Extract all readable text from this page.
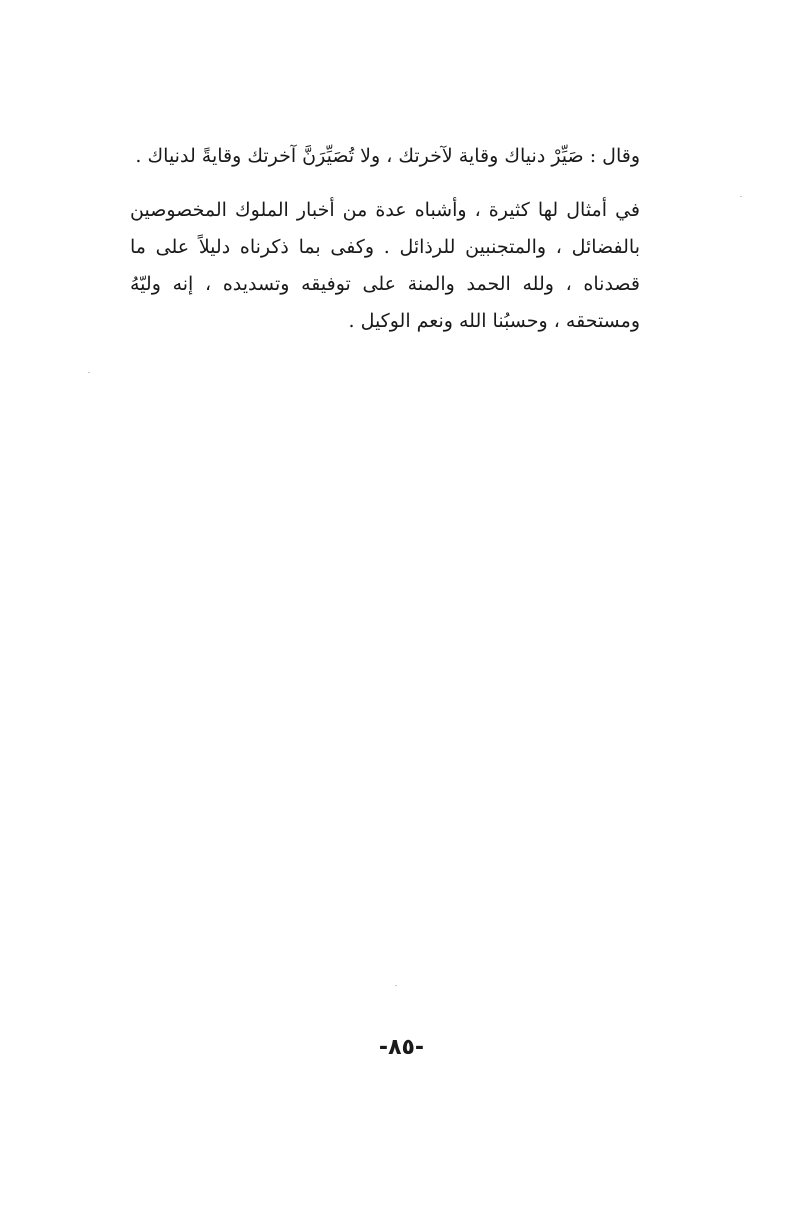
وقال : صَيِّرْ دنياك وقاية لآخرتك ، ولا تُصَيِّرَنَّ آخرتك وقايةً لدنياك .
في أمثال لها كثيرة ، وأشباه عدة من أخبار الملوك المخصوصين بالفضائل ، والمتجنبين للرذائل . وكفى بما ذكرناه دليلاً على ما قصدناه ، ولله الحمد والمنة على توفيقه وتسديده ، إنه وليّهُ ومستحقه ، وحسبُنا الله ونعم الوكيل .
-٨٥-
